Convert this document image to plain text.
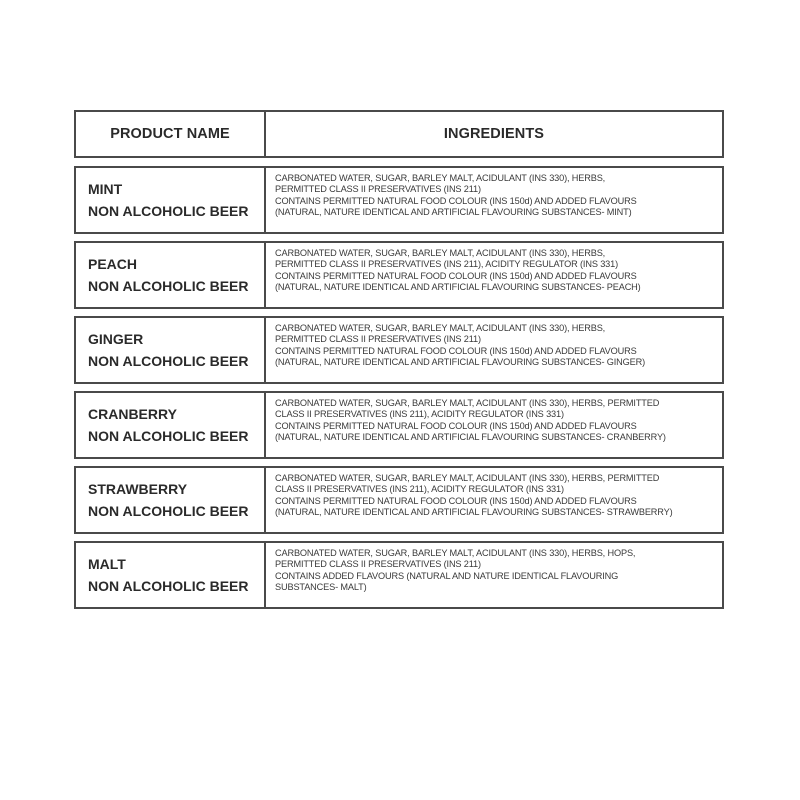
PRODUCT NAME	INGREDIENTS
MINT
NON ALCOHOLIC BEER
CARBONATED WATER, SUGAR, BARLEY MALT, ACIDULANT (INS 330), HERBS,
PERMITTED CLASS II PRESERVATIVES (INS 211)
CONTAINS PERMITTED NATURAL FOOD COLOUR (INS 150d) AND ADDED FLAVOURS
(NATURAL, NATURE IDENTICAL AND ARTIFICIAL FLAVOURING SUBSTANCES- MINT)
PEACH
NON ALCOHOLIC BEER
CARBONATED WATER, SUGAR, BARLEY MALT, ACIDULANT (INS 330), HERBS,
PERMITTED CLASS II PRESERVATIVES (INS 211), ACIDITY REGULATOR (INS 331)
CONTAINS PERMITTED NATURAL FOOD COLOUR (INS 150d) AND ADDED FLAVOURS
(NATURAL, NATURE IDENTICAL AND ARTIFICIAL FLAVOURING SUBSTANCES- PEACH)
GINGER
NON ALCOHOLIC BEER
CARBONATED WATER, SUGAR, BARLEY MALT, ACIDULANT (INS 330), HERBS,
PERMITTED CLASS II PRESERVATIVES (INS 211)
CONTAINS PERMITTED NATURAL FOOD COLOUR (INS 150d) AND ADDED FLAVOURS
(NATURAL, NATURE IDENTICAL AND ARTIFICIAL FLAVOURING SUBSTANCES- GINGER)
CRANBERRY
NON ALCOHOLIC BEER
CARBONATED WATER, SUGAR, BARLEY MALT, ACIDULANT (INS 330), HERBS, PERMITTED
CLASS II PRESERVATIVES (INS 211), ACIDITY REGULATOR (INS 331)
CONTAINS PERMITTED NATURAL FOOD COLOUR (INS 150d) AND ADDED FLAVOURS
(NATURAL, NATURE IDENTICAL AND ARTIFICIAL FLAVOURING SUBSTANCES- CRANBERRY)
STRAWBERRY
NON ALCOHOLIC BEER
CARBONATED WATER, SUGAR, BARLEY MALT, ACIDULANT (INS 330), HERBS, PERMITTED
CLASS II PRESERVATIVES (INS 211), ACIDITY REGULATOR (INS 331)
CONTAINS PERMITTED NATURAL FOOD COLOUR (INS 150d) AND ADDED FLAVOURS
(NATURAL, NATURE IDENTICAL AND ARTIFICIAL FLAVOURING SUBSTANCES- STRAWBERRY)
MALT
NON ALCOHOLIC BEER
CARBONATED WATER, SUGAR, BARLEY MALT, ACIDULANT (INS 330), HERBS, HOPS,
PERMITTED CLASS II PRESERVATIVES (INS 211)
CONTAINS ADDED FLAVOURS (NATURAL AND NATURE IDENTICAL FLAVOURING
SUBSTANCES- MALT)
